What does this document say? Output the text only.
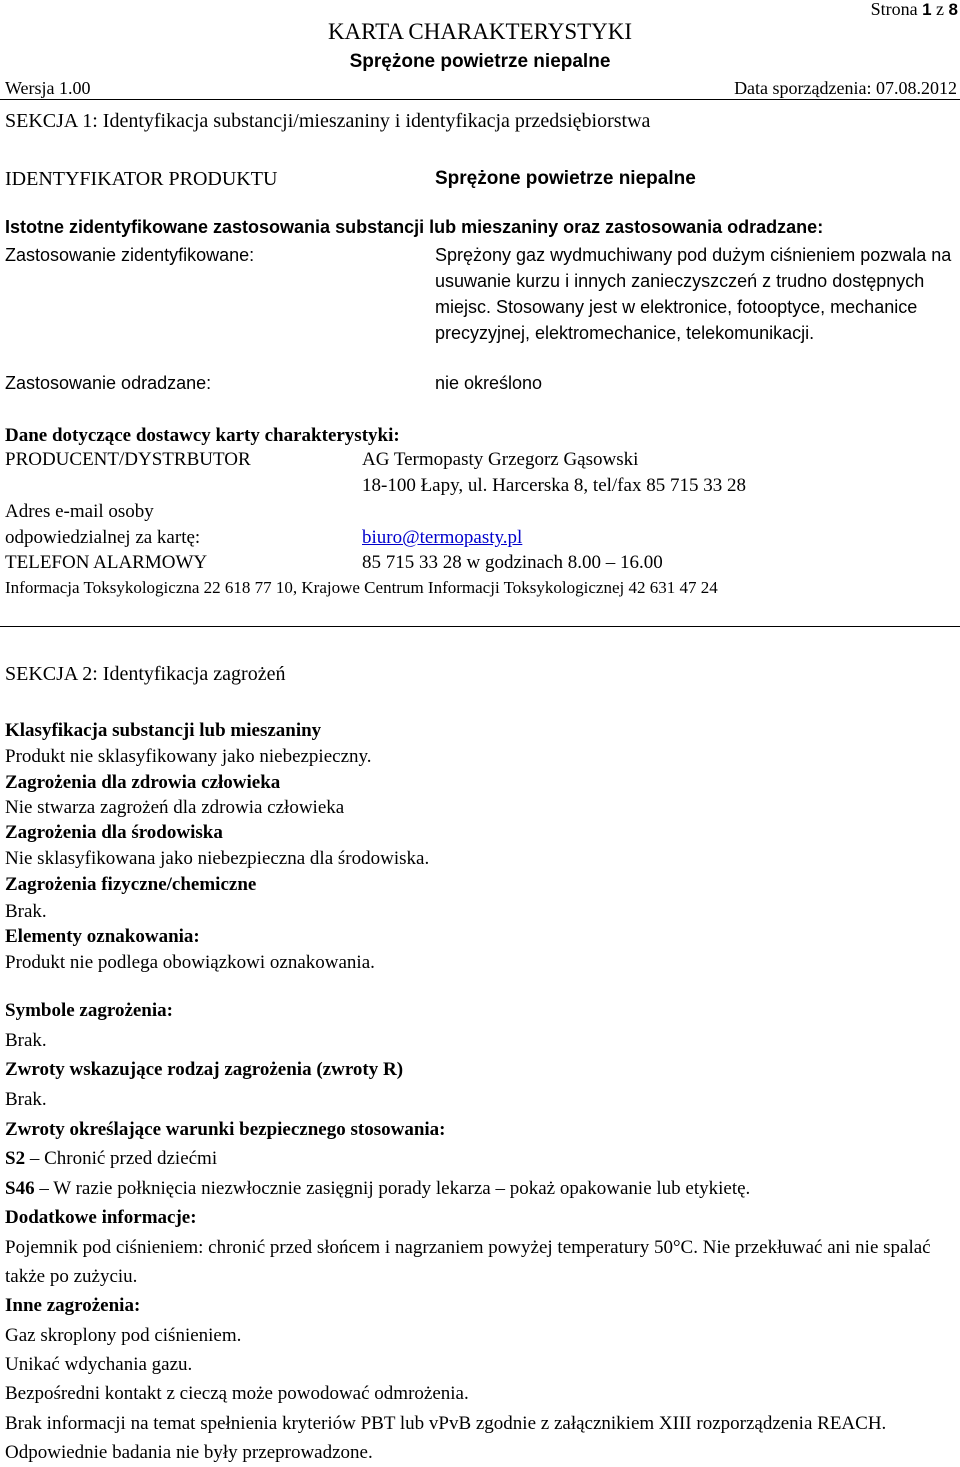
Strona 1 z 8
KARTA CHARAKTERYSTYKI
Sprężone powietrze niepalne
Wersja 1.00	Data sporządzenia: 07.08.2012
SEKCJA 1: Identyfikacja substancji/mieszaniny i identyfikacja przedsiębiorstwa
IDENTYFIKATOR PRODUKTU	Sprężone powietrze niepalne
Istotne zidentyfikowane zastosowania substancji lub mieszaniny oraz zastosowania odradzane:
Zastosowanie zidentyfikowane:	Sprężony gaz wydmuchiwany pod dużym ciśnieniem pozwala na usuwanie kurzu i innych zanieczyszczeń z trudno dostępnych miejsc. Stosowany jest w elektronice, fotooptyce, mechanice precyzyjnej, elektromechanice, telekomunikacji.
Zastosowanie odradzane:	nie określono
Dane dotyczące dostawcy karty charakterystyki:
PRODUCENT/DYSTRBUTOR	AG Termopasty Grzegorz Gąsowski
18-100 Łapy, ul. Harcerska 8, tel/fax 85 715 33 28
Adres e-mail osoby
odpowiedzialnej za kartę:	biuro@termopasty.pl
TELEFON ALARMOWY	85 715 33 28 w godzinach 8.00 – 16.00
Informacja Toksykologiczna 22 618 77 10, Krajowe Centrum Informacji Toksykologicznej 42 631 47 24
SEKCJA 2: Identyfikacja zagrożeń
Klasyfikacja substancji lub mieszaniny
Produkt nie sklasyfikowany jako niebezpieczny.
Zagrożenia dla zdrowia człowieka
Nie stwarza zagrożeń dla zdrowia człowieka
Zagrożenia dla środowiska
Nie sklasyfikowana jako niebezpieczna dla środowiska.
Zagrożenia fizyczne/chemiczne
Brak.
Elementy oznakowania:
Produkt nie podlega obowiązkowi oznakowania.
Symbole zagrożenia:
Brak.
Zwroty wskazujące rodzaj zagrożenia (zwroty R)
Brak.
Zwroty określające warunki bezpiecznego stosowania:
S2 – Chronić przed dziećmi
S46 – W razie połknięcia niezwłocznie zasięgnij porady lekarza – pokaż opakowanie lub etykietę.
Dodatkowe informacje:
Pojemnik pod ciśnieniem: chronić przed słońcem i nagrzaniem powyżej temperatury 50°C. Nie przekłuwać ani nie spalać także po zużyciu.
Inne zagrożenia:
Gaz skroplony pod ciśnieniem.
Unikać wdychania gazu.
Bezpośredni kontakt z cieczą może powodować odmrożenia.
Brak informacji na temat spełnienia kryteriów PBT lub vPvB zgodnie z załącznikiem XIII rozporządzenia REACH. Odpowiednie badania nie były przeprowadzone.
